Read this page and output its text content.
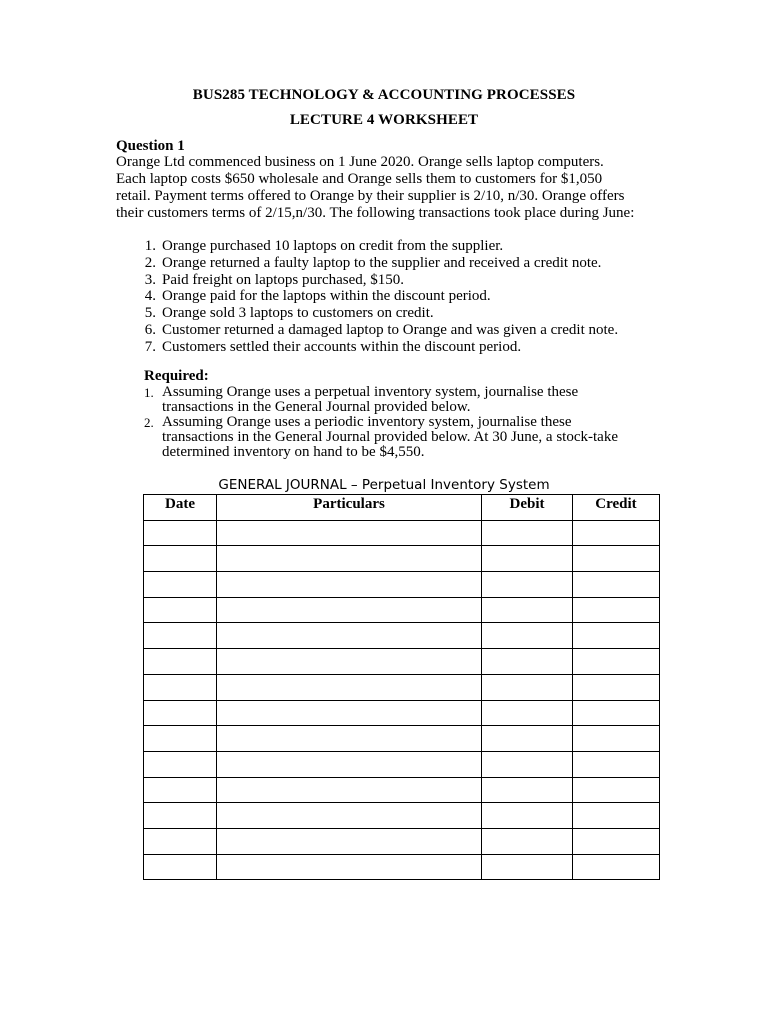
BUS285 TECHNOLOGY & ACCOUNTING PROCESSES
LECTURE 4 WORKSHEET
Question 1
Orange Ltd commenced business on 1 June 2020. Orange sells laptop computers.
Each laptop costs $650 wholesale and Orange sells them to customers for $1,050
retail. Payment terms offered to Orange by their supplier is 2/10, n/30. Orange offers
their customers terms of 2/15,n/30. The following transactions took place during June:
1. Orange purchased 10 laptops on credit from the supplier.
2. Orange returned a faulty laptop to the supplier and received a credit note.
3. Paid freight on laptops purchased, $150.
4. Orange paid for the laptops within the discount period.
5. Orange sold 3 laptops to customers on credit.
6. Customer returned a damaged laptop to Orange and was given a credit note.
7. Customers settled their accounts within the discount period.
Required:
1. Assuming Orange uses a perpetual inventory system, journalise these
transactions in the General Journal provided below.
2. Assuming Orange uses a periodic inventory system, journalise these
transactions in the General Journal provided below. At 30 June, a stock-take
determined inventory on hand to be $4,550.
GENERAL JOURNAL – Perpetual Inventory System
Date	Particulars	Debit	Credit
